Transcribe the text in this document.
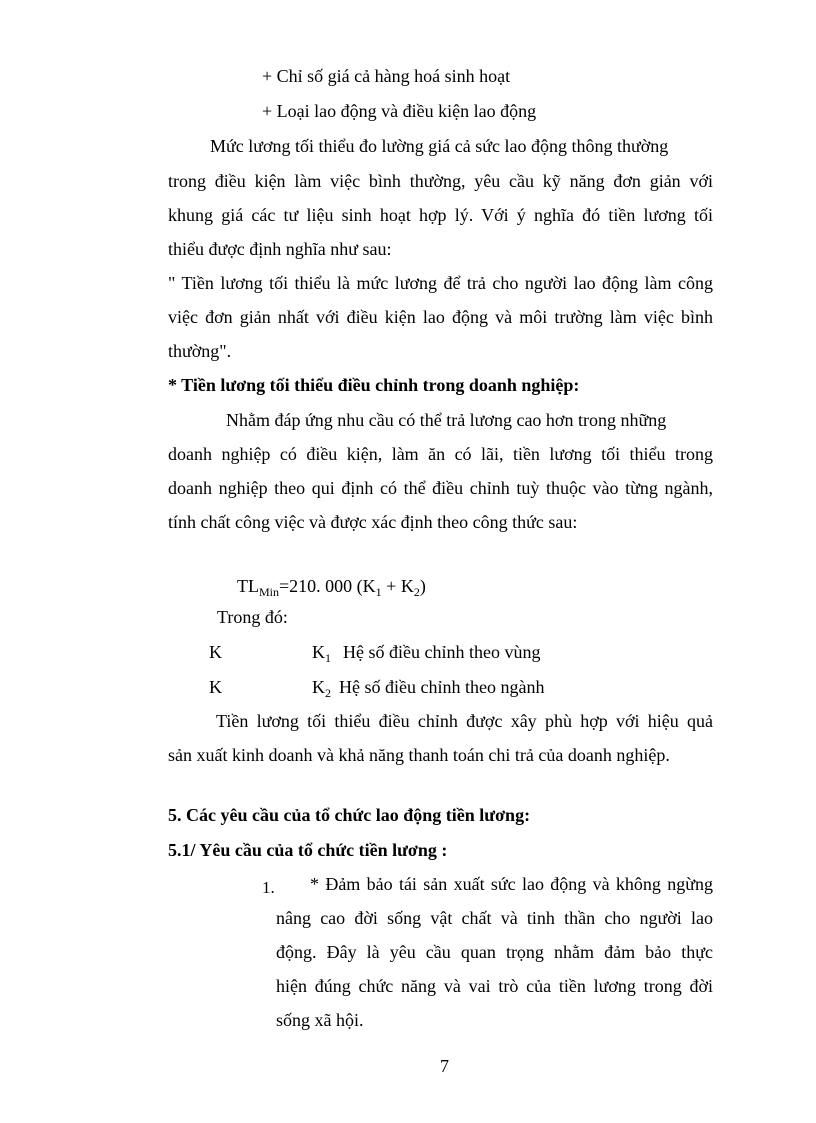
+ Chỉ số giá cả hàng hoá sinh hoạt
+ Loại lao động và điều kiện lao động
Mức lương tối thiểu đo lường giá cả sức lao động thông thường
trong điều kiện làm việc bình thường, yêu cầu kỹ năng đơn giản với
khung giá các tư liệu sinh hoạt hợp lý. Với ý nghĩa đó tiền lương tối
thiểu được định nghĩa như sau:
" Tiền lương tối thiểu là mức lương để trả cho người lao động làm công
việc đơn giản nhất với điều kiện lao động và môi trường làm việc bình
thường".
* Tiền lương tối thiểu điều chỉnh trong doanh nghiệp:
Nhằm đáp ứng nhu cầu có thể trả lương cao hơn trong những
doanh nghiệp có điều kiện, làm ăn có lãi, tiền lương tối thiểu trong
doanh nghiệp theo qui định có thể điều chỉnh tuỳ thuộc vào từng ngành,
tính chất công việc và được xác định theo công thức sau:
$TL_{Min}=210$. 000 $(K_1 + K_2)$
Trong đó:
K	$K_1$ Hệ số điều chỉnh theo vùng
K	$K_2$ Hệ số điều chỉnh theo ngành
Tiền lương tối thiểu điều chỉnh được xây phù hợp với hiệu quả
sản xuất kinh doanh và khả năng thanh toán chi trả của doanh nghiệp.
5. Các yêu cầu của tổ chức lao động tiền lương:
5.1/ Yêu cầu của tổ chức tiền lương :
1. * Đảm bảo tái sản xuất sức lao động và không ngừng
nâng cao đời sống vật chất và tinh thần cho người lao
động. Đây là yêu cầu quan trọng nhằm đảm bảo thực
hiện đúng chức năng và vai trò của tiền lương trong đời
sống xã hội.
7
